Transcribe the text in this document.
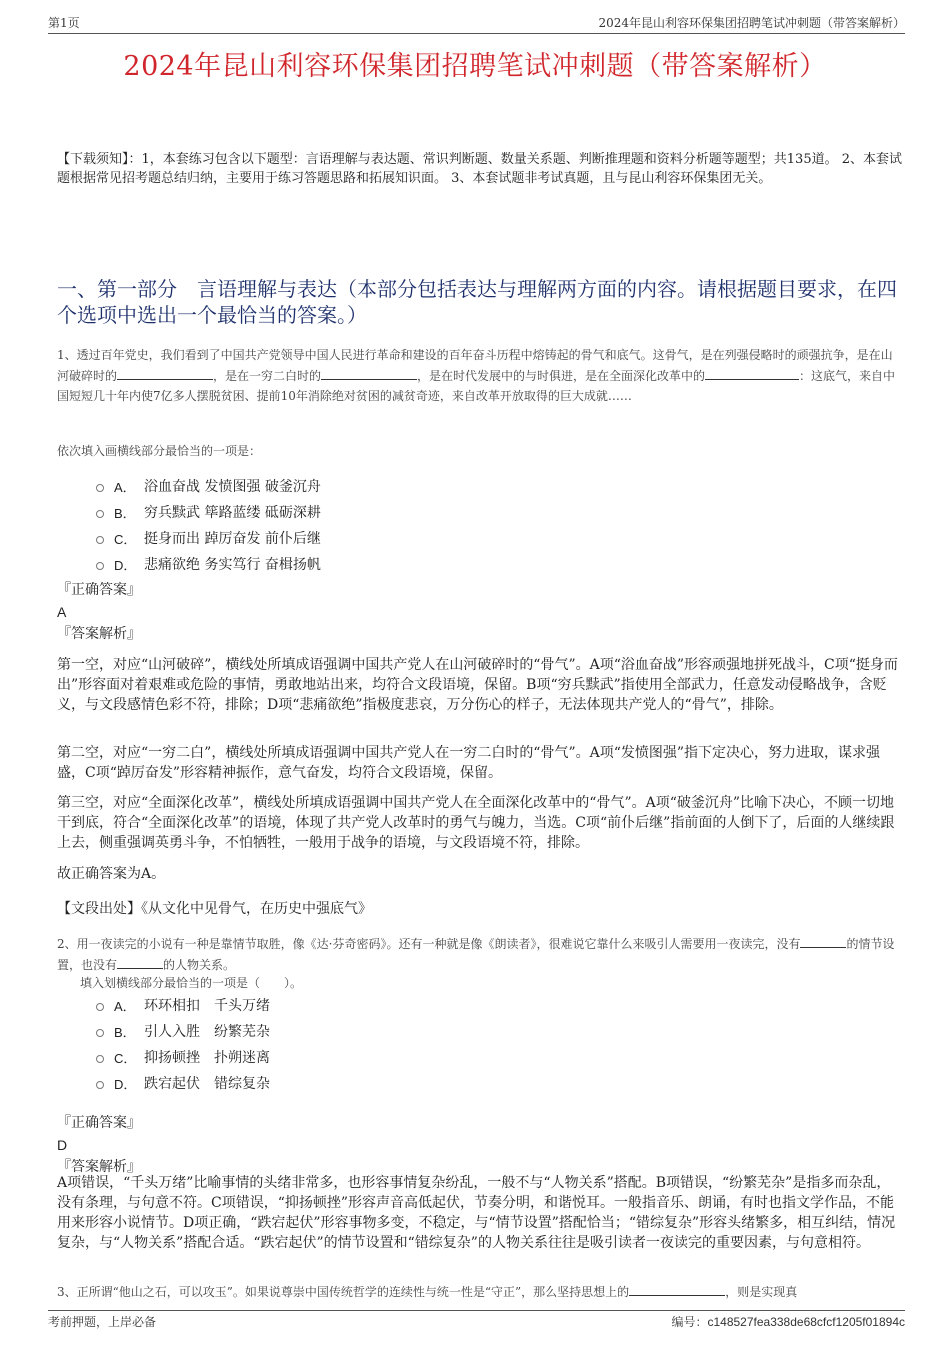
第1页	2024年昆山利容环保集团招聘笔试冲刺题（带答案解析）
2024年昆山利容环保集团招聘笔试冲刺题（带答案解析）
【下载须知】：1，本套练习包含以下题型：言语理解与表达题、常识判断题、数量关系题、判断推理题和资料分析题等题型；共135道。 2、本套试题根据常见招考题总结归纳，主要用于练习答题思路和拓展知识面。 3、本套试题非考试真题，且与昆山利容环保集团无关。
一、第一部分　言语理解与表达（本部分包括表达与理解两方面的内容。请根据题目要求，在四个选项中选出一个最恰当的答案。）
1、透过百年党史，我们看到了中国共产党领导中国人民进行革命和建设的百年奋斗历程中熔铸起的骨气和底气。这骨气，是在列强侵略时的顽强抗争，是在山河破碎时的	，是在一穷二白时的	，是在时代发展中的与时俱进，是在全面深化改革中的	：这底气，来自中国短短几十年内使7亿多人摆脱贫困、提前10年消除绝对贫困的减贫奇迹，来自改革开放取得的巨大成就……
依次填入画横线部分最恰当的一项是：
A． 浴血奋战 发愤图强 破釜沉舟
B． 穷兵黩武 筚路蓝缕 砥砺深耕
C． 挺身而出 踔厉奋发 前仆后继
D． 悲痛欲绝 务实笃行 奋楫扬帆
『正确答案』
A
『答案解析』
第一空，对应“山河破碎”，横线处所填成语强调中国共产党人在山河破碎时的“骨气”。A项“浴血奋战”形容顽强地拼死战斗，C项“挺身而出”形容面对着艰难或危险的事情，勇敢地站出来，均符合文段语境，保留。B项“穷兵黩武”指使用全部武力，任意发动侵略战争，含贬义，与文段感情色彩不符，排除；D项“悲痛欲绝”指极度悲哀，万分伤心的样子，无法体现共产党人的“骨气”，排除。
第二空，对应“一穷二白”，横线处所填成语强调中国共产党人在一穷二白时的“骨气”。A项“发愤图强”指下定决心，努力进取，谋求强盛，C项“踔厉奋发”形容精神振作，意气奋发，均符合文段语境，保留。
第三空，对应“全面深化改革”，横线处所填成语强调中国共产党人在全面深化改革中的“骨气”。A项“破釜沉舟”比喻下决心，不顾一切地干到底，符合“全面深化改革”的语境，体现了共产党人改革时的勇气与魄力，当选。C项“前仆后继”指前面的人倒下了，后面的人继续跟上去，侧重强调英勇斗争，不怕牺牲，一般用于战争的语境，与文段语境不符，排除。
故正确答案为A。
【文段出处】《从文化中见骨气，在历史中强底气》
2、用一夜读完的小说有一种是靠情节取胜，像《达·芬奇密码》。还有一种就是像《朗读者》，很难说它靠什么来吸引人需要用一夜读完，没有	的情节设置，也没有	的人物关系。
填入划横线部分最恰当的一项是（　　）。
A． 环环相扣　千头万绪
B． 引人入胜　纷繁芜杂
C． 抑扬顿挫　扑朔迷离
D． 跌宕起伏　错综复杂
『正确答案』
D
『答案解析』
A项错误，“千头万绪”比喻事情的头绪非常多，也形容事情复杂纷乱，一般不与“人物关系”搭配。B项错误，“纷繁芜杂”是指多而杂乱，没有条理，与句意不符。C项错误，“抑扬顿挫”形容声音高低起伏，节奏分明，和谐悦耳。一般指音乐、朗诵，有时也指文学作品，不能用来形容小说情节。D项正确，“跌宕起伏”形容事物多变，不稳定，与“情节设置”搭配恰当；“错综复杂”形容头绪繁多，相互纠结，情况复杂，与“人物关系”搭配合适。“跌宕起伏”的情节设置和“错综复杂”的人物关系往往是吸引读者一夜读完的重要因素，与句意相符。
3、正所谓“他山之石，可以攻玉”。如果说尊崇中国传统哲学的连续性与统一性是“守正”，那么坚持思想上的	，则是实现真
考前押题，上岸必备	编号：c148527fea338de68cfcf1205f01894c
